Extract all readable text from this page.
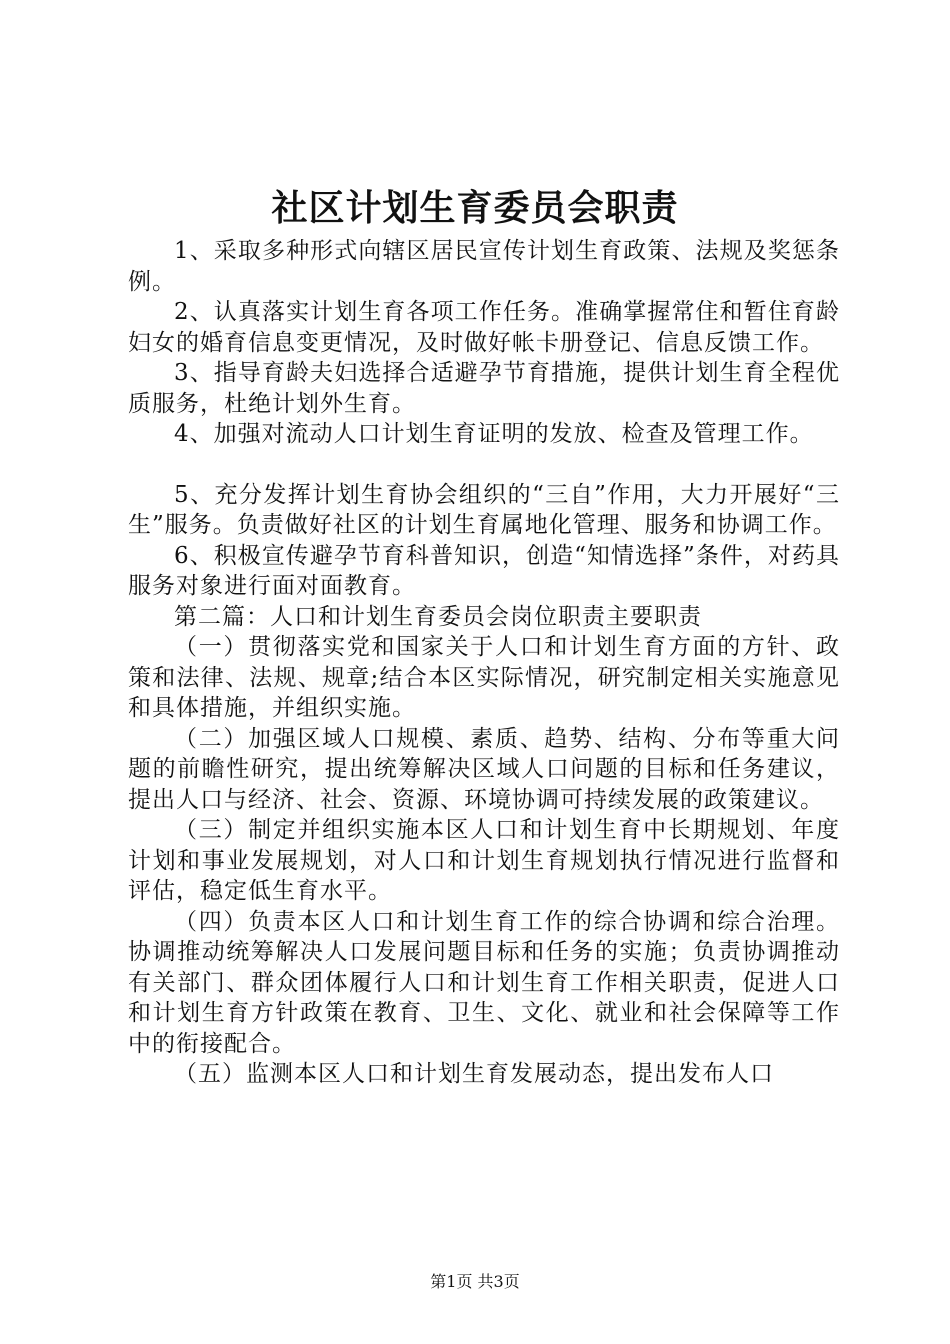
社区计划生育委员会职责

1、采取多种形式向辖区居民宣传计划生育政策、法规及奖惩条例。

2、认真落实计划生育各项工作任务。准确掌握常住和暂住育龄妇女的婚育信息变更情况，及时做好帐卡册登记、信息反馈工作。

3、指导育龄夫妇选择合适避孕节育措施，提供计划生育全程优质服务，杜绝计划外生育。

4、加强对流动人口计划生育证明的发放、检查及管理工作。

5、充分发挥计划生育协会组织的“三自”作用，大力开展好“三生”服务。负责做好社区的计划生育属地化管理、服务和协调工作。

6、积极宣传避孕节育科普知识，创造“知情选择”条件，对药具服务对象进行面对面教育。

第二篇：人口和计划生育委员会岗位职责主要职责

（一）贯彻落实党和国家关于人口和计划生育方面的方针、政策和法律、法规、规章;结合本区实际情况，研究制定相关实施意见和具体措施，并组织实施。

（二）加强区域人口规模、素质、趋势、结构、分布等重大问题的前瞻性研究，提出统筹解决区域人口问题的目标和任务建议，提出人口与经济、社会、资源、环境协调可持续发展的政策建议。

（三）制定并组织实施本区人口和计划生育中长期规划、年度计划和事业发展规划，对人口和计划生育规划执行情况进行监督和评估，稳定低生育水平。

（四）负责本区人口和计划生育工作的综合协调和综合治理。协调推动统筹解决人口发展问题目标和任务的实施；负责协调推动有关部门、群众团体履行人口和计划生育工作相关职责，促进人口和计划生育方针政策在教育、卫生、文化、就业和社会保障等工作中的衔接配合。

（五）监测本区人口和计划生育发展动态，提出发布人口

第1页 共3页
